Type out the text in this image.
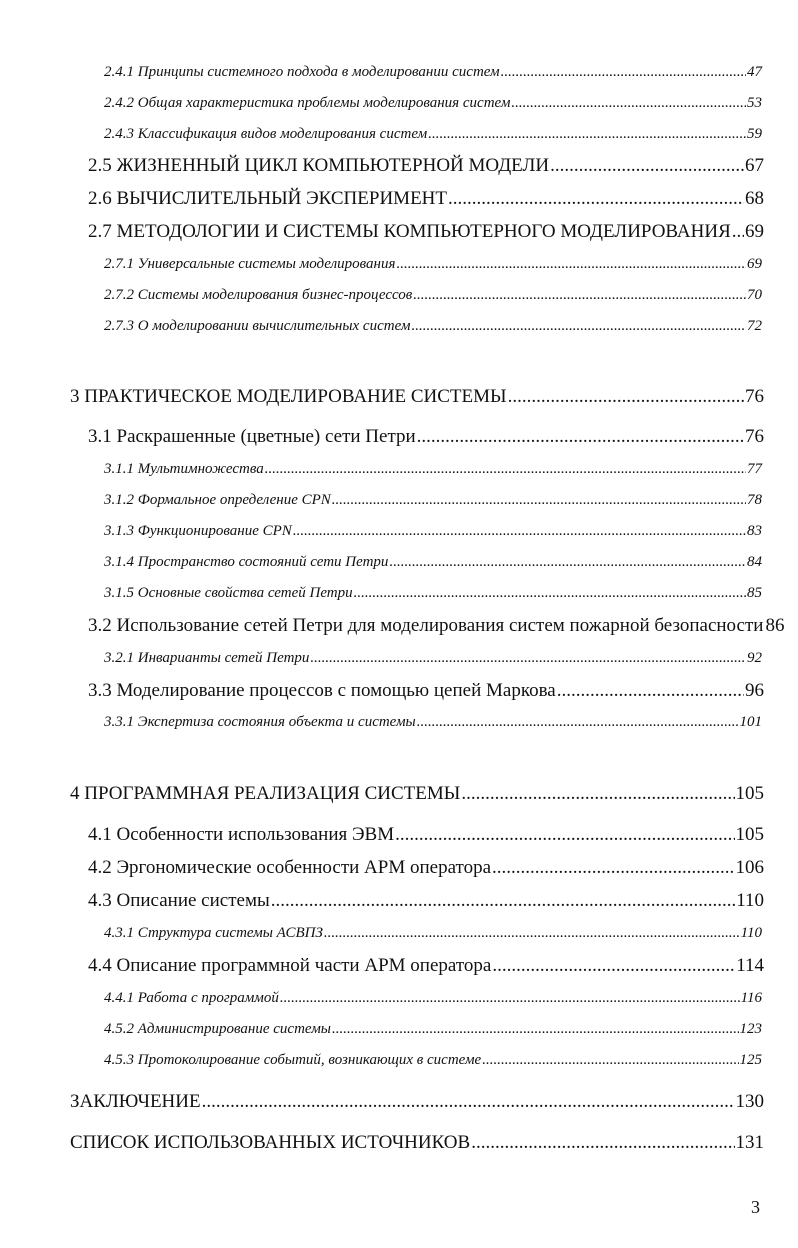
2.4.1 Принципы системного подхода в моделировании систем .....	47
2.4.2 Общая характеристика проблемы моделирования систем .....	53
2.4.3 Классификация видов моделирования систем .....	59
2.5 ЖИЗНЕННЫЙ ЦИКЛ КОМПЬЮТЕРНОЙ МОДЕЛИ .....	67
2.6 ВЫЧИСЛИТЕЛЬНЫЙ ЭКСПЕРИМЕНТ .....	68
2.7 МЕТОДОЛОГИИ И СИСТЕМЫ КОМПЬЮТЕРНОГО МОДЕЛИРОВАНИЯ ..... 69
2.7.1 Универсальные системы моделирования .....	69
2.7.2 Системы моделирования бизнес-процессов .....	70
2.7.3 О моделировании вычислительных систем .....	72
3 ПРАКТИЧЕСКОЕ МОДЕЛИРОВАНИЕ СИСТЕМЫ .....	76
3.1 Раскрашенные (цветные) сети Петри .....	76
3.1.1 Мультимножества .....	77
3.1.2 Формальное определение CPN .....	78
3.1.3 Функционирование CPN .....	83
3.1.4 Пространство состояний сети Петри .....	84
3.1.5 Основные свойства сетей Петри .....	85
3.2 Использование сетей Петри для моделирования систем пожарной безопасности 86
3.2.1 Инварианты сетей Петри .....	92
3.3 Моделирование процессов с помощью цепей Маркова .....	96
3.3.1 Экспертиза состояния объекта и системы .....	101
4 ПРОГРАММНАЯ РЕАЛИЗАЦИЯ СИСТЕМЫ .....	105
4.1 Особенности использования ЭВМ .....	105
4.2 Эргономические особенности АРМ оператора .....	106
4.3 Описание системы .....	110
4.3.1 Структура системы АСВПЗ .....	110
4.4 Описание программной части АРМ оператора .....	114
4.4.1 Работа с программой .....	116
4.5.2 Администрирование системы .....	123
4.5.3 Протоколирование событий, возникающих в системе .....	125
ЗАКЛЮЧЕНИЕ .....	130
СПИСОК ИСПОЛЬЗОВАННЫХ ИСТОЧНИКОВ .....	131
3
